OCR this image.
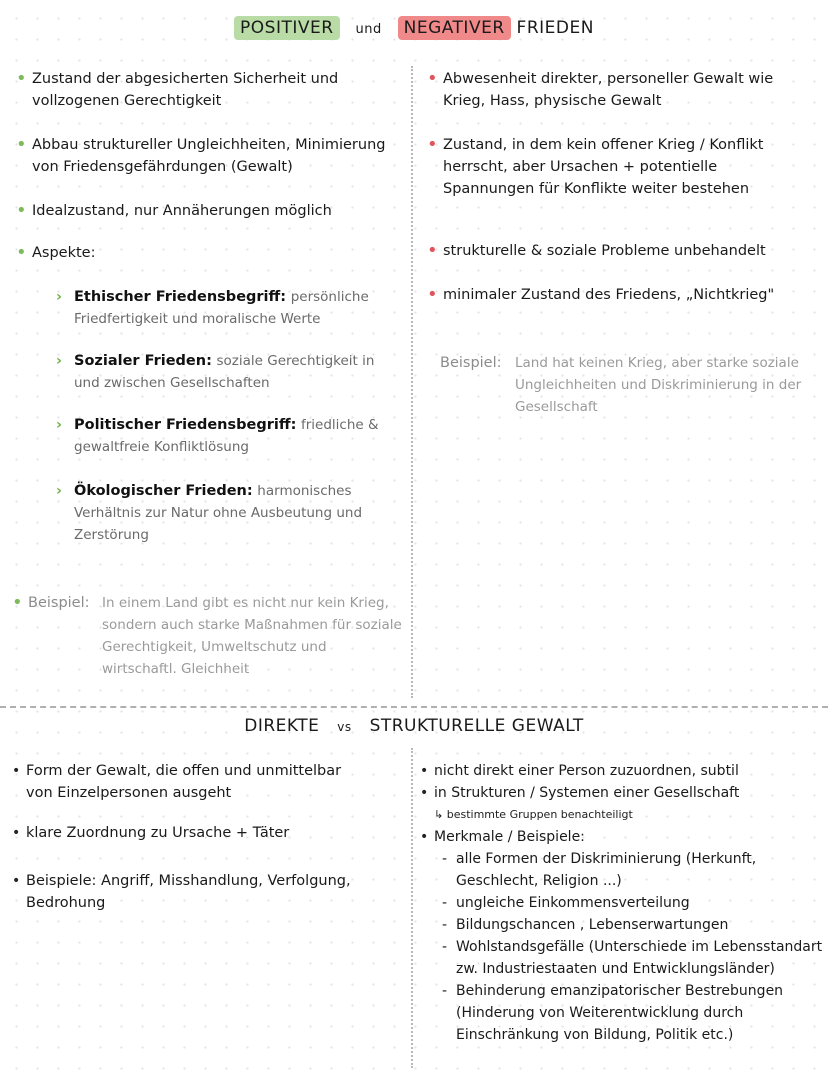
POSITIVER und NEGATIVER FRIEDEN
• Zustand der abgesicherten Sicherheit und vollzogenen Gerechtigkeit
• Abbau struktureller Ungleichheiten, Minimierung von Friedensgefährdungen (Gewalt)
• Idealzustand, nur Annäherungen möglich
• Aspekte:
› Ethischer Friedensbegriff: persönliche Friedfertigkeit und moralische Werte
› Sozialer Frieden: soziale Gerechtigkeit in und zwischen Gesellschaften
› Politischer Friedensbegriff: friedliche & gewaltfreie Konfliktlösung
› Ökologischer Frieden: harmonisches Verhältnis zur Natur ohne Ausbeutung und Zerstörung
• Beispiel: In einem Land gibt es nicht nur kein Krieg, sondern auch starke Maßnahmen für soziale Gerechtigkeit, Umweltschutz und wirtschaftl. Gleichheit
• Abwesenheit direkter, personeller Gewalt wie Krieg, Hass, physische Gewalt
• Zustand, in dem kein offener Krieg / Konflikt herrscht, aber Ursachen + potentielle Spannungen für Konflikte weiter bestehen
• strukturelle & soziale Probleme unbehandelt
• minimaler Zustand des Friedens, „Nichtkrieg"
Beispiel: Land hat keinen Krieg, aber starke soziale Ungleichheiten und Diskriminierung in der Gesellschaft
DIREKTE vs STRUKTURELLE GEWALT
• Form der Gewalt, die offen und unmittelbar von Einzelpersonen ausgeht
• klare Zuordnung zu Ursache + Täter
• Beispiele: Angriff, Misshandlung, Verfolgung, Bedrohung
• nicht direkt einer Person zuzuordnen, subtil
• in Strukturen / Systemen einer Gesellschaft
↳ bestimmte Gruppen benachteiligt
• Merkmale / Beispiele:
- alle Formen der Diskriminierung (Herkunft, Geschlecht, Religion ...)
- ungleiche Einkommensverteilung
- Bildungschancen , Lebenserwartungen
- Wohlstandsgefälle (Unterschiede im Lebensstandart zw. Industriestaaten und Entwicklungsländer)
- Behinderung emanzipatorischer Bestrebungen (Hinderung von Weiterentwicklung durch Einschränkung von Bildung, Politik etc.)
